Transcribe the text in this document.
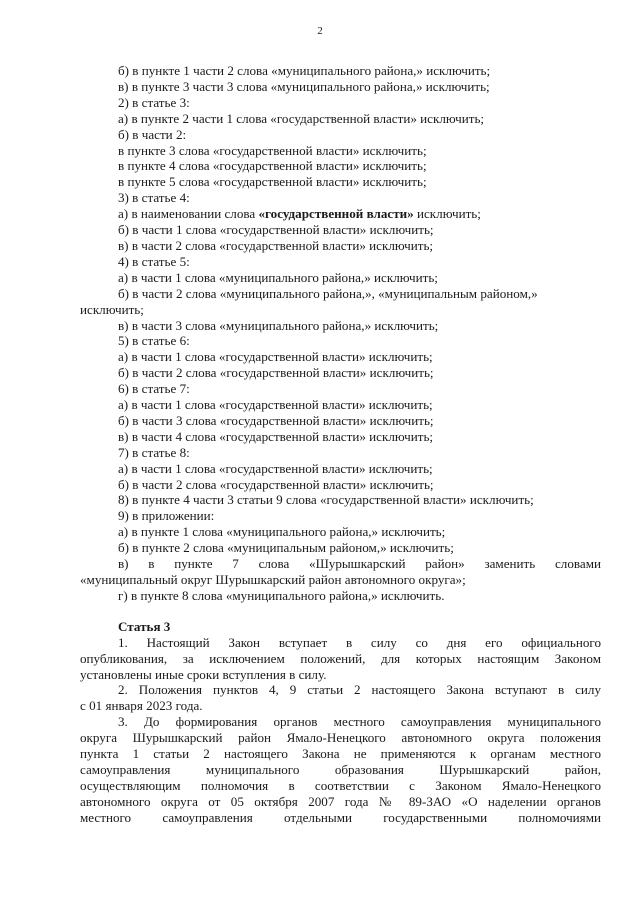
2
б) в пункте 1 части 2 слова «муниципального района,» исключить;
в) в пункте 3 части 3 слова «муниципального района,» исключить;
2) в статье 3:
а) в пункте 2 части 1 слова «государственной власти» исключить;
б) в части 2:
в пункте 3 слова «государственной власти» исключить;
в пункте 4 слова «государственной власти» исключить;
в пункте 5 слова «государственной власти» исключить;
3) в статье 4:
а) в наименовании слова «государственной власти» исключить;
б) в части 1 слова «государственной власти» исключить;
в) в части 2 слова «государственной власти» исключить;
4) в статье 5:
а) в части 1 слова «муниципального района,» исключить;
б) в части 2 слова «муниципального района,», «муниципальным районом,»
исключить;
в) в части 3 слова «муниципального района,» исключить;
5) в статье 6:
а) в части 1 слова «государственной власти» исключить;
б) в части 2 слова «государственной власти» исключить;
6) в статье 7:
а) в части 1 слова «государственной власти» исключить;
б) в части 3 слова «государственной власти» исключить;
в) в части 4 слова «государственной власти» исключить;
7) в статье 8:
а) в части 1 слова «государственной власти» исключить;
б) в части 2 слова «государственной власти» исключить;
8) в пункте 4 части 3 статьи 9 слова «государственной власти» исключить;
9) в приложении:
а) в пункте 1 слова «муниципального района,» исключить;
б) в пункте 2 слова «муниципальным районом,» исключить;
в) в пункте 7 слова «Шурышкарский район» заменить словами
«муниципальный округ Шурышкарский район автономного округа»;
г) в пункте 8 слова «муниципального района,» исключить.
Статья 3
1. Настоящий Закон вступает в силу со дня его официального
опубликования, за исключением положений, для которых настоящим Законом
установлены иные сроки вступления в силу.
2. Положения пунктов 4, 9 статьи 2 настоящего Закона вступают в силу
с 01 января 2023 года.
3. До формирования органов местного самоуправления муниципального
округа Шурышкарский район Ямало-Ненецкого автономного округа положения
пункта 1 статьи 2 настоящего Закона не применяются к органам местного
самоуправления муниципального образования Шурышкарский район,
осуществляющим полномочия в соответствии с Законом Ямало-Ненецкого
автономного округа от 05 октября 2007 года № 89-ЗАО «О наделении органов
местного самоуправления отдельными государственными полномочиями
